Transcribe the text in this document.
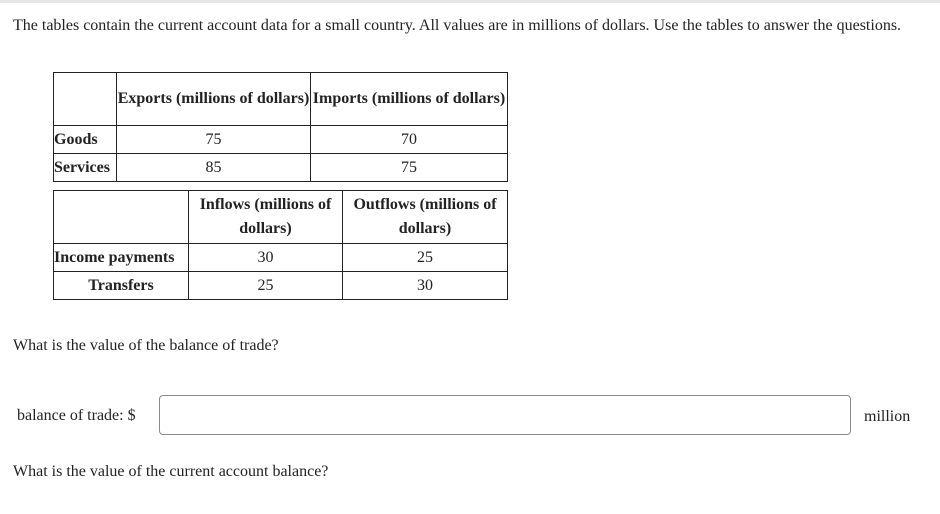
The tables contain the current account data for a small country. All values are in millions of dollars. Use the tables to answer the questions.
	Exports (millions of dollars)	Imports (millions of dollars)
Goods	75	70
Services	85	75
	Inflows (millions of dollars)	Outflows (millions of dollars)
Income payments	30	25
Transfers	25	30
What is the value of the balance of trade?
balance of trade: $	million
What is the value of the current account balance?
